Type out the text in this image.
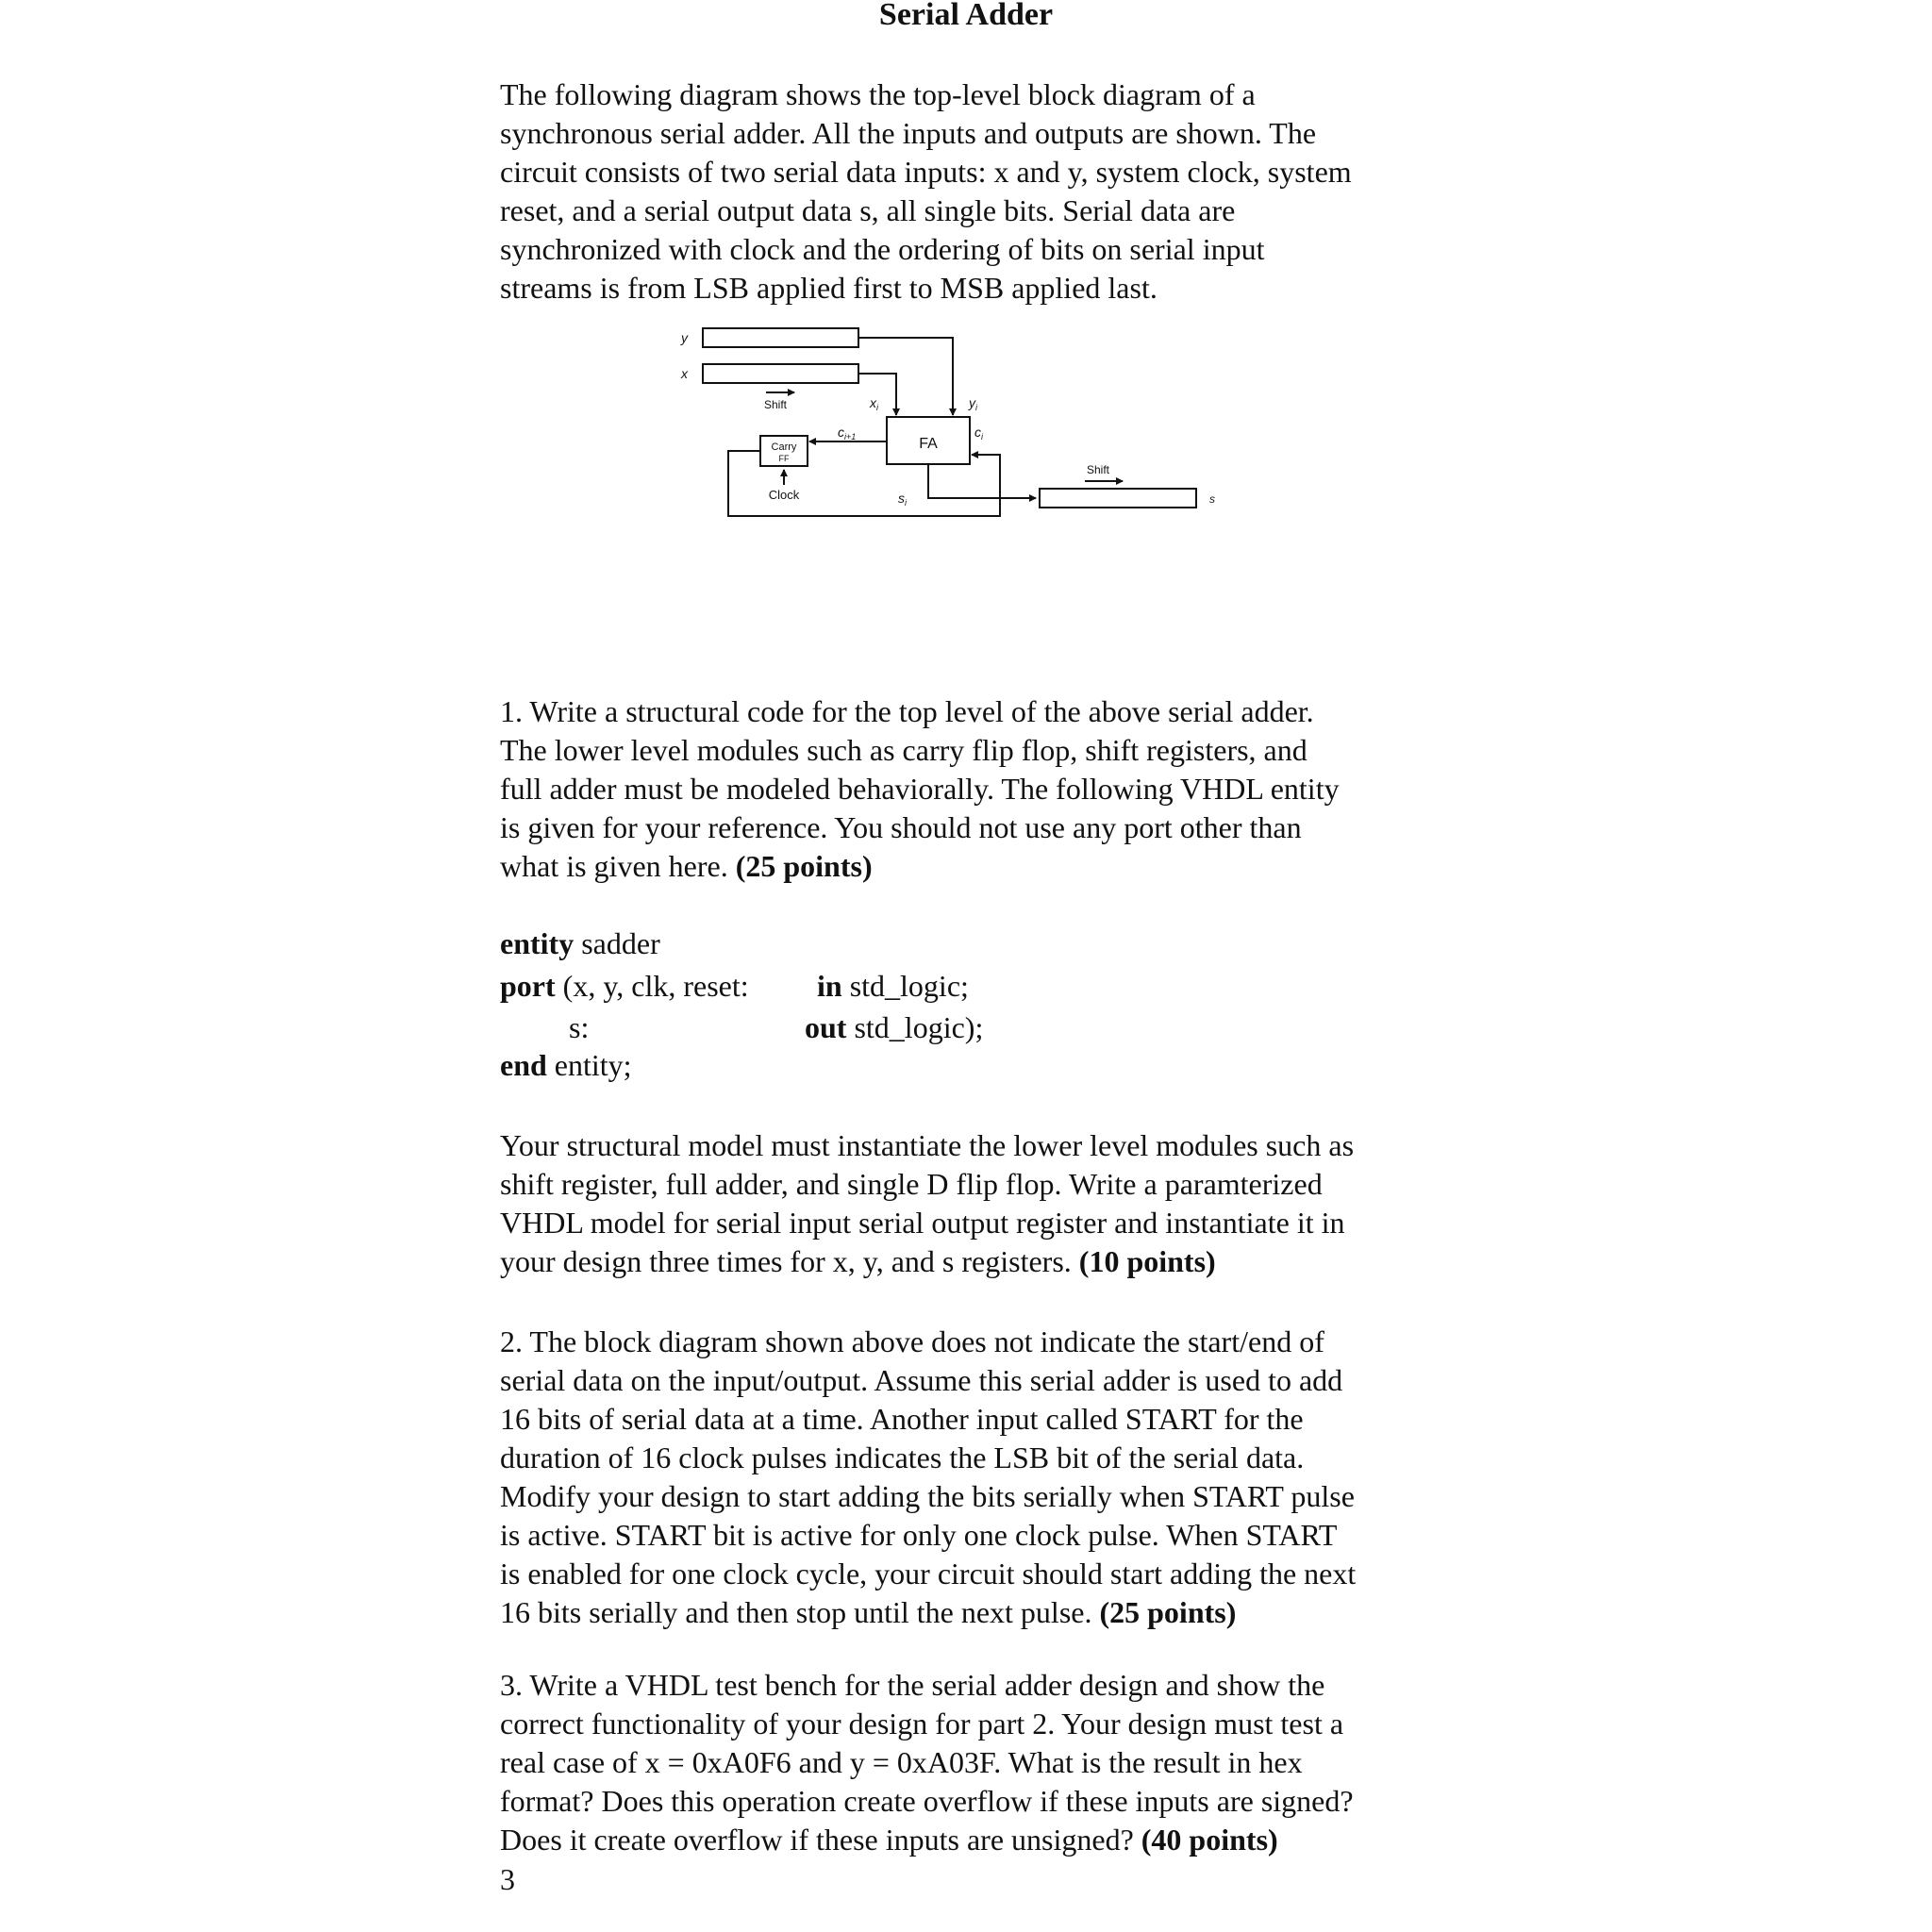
Serial Adder
The following diagram shows the top-level block diagram of a
synchronous serial adder. All the inputs and outputs are shown. The
circuit consists of two serial data inputs: x and y, system clock, system
reset, and a serial output data s, all single bits. Serial data are
synchronized with clock and the ordering of bits on serial input
streams is from LSB applied first to MSB applied last.
y
x
Shift	$x_i$	$y_i$
$c_{i+1}$	$c_i$
Carry
FF
FA
Clock	$s_i$
Shift
s
1. Write a structural code for the top level of the above serial adder.
The lower level modules such as carry flip flop, shift registers, and
full adder must be modeled behaviorally. The following VHDL entity
is given for your reference. You should not use any port other than
what is given here. (25 points)
entity sadder
port (x, y, clk, reset: in std_logic;
s:	out std_logic);
end entity;
Your structural model must instantiate the lower level modules such as
shift register, full adder, and single D flip flop. Write a paramterized
VHDL model for serial input serial output register and instantiate it in
your design three times for x, y, and s registers. (10 points)
2. The block diagram shown above does not indicate the start/end of
serial data on the input/output. Assume this serial adder is used to add
16 bits of serial data at a time. Another input called START for the
duration of 16 clock pulses indicates the LSB bit of the serial data.
Modify your design to start adding the bits serially when START pulse
is active. START bit is active for only one clock pulse. When START
is enabled for one clock cycle, your circuit should start adding the next
16 bits serially and then stop until the next pulse. (25 points)
3. Write a VHDL test bench for the serial adder design and show the
correct functionality of your design for part 2. Your design must test a
real case of x = 0xA0F6 and y = 0xA03F. What is the result in hex
format? Does this operation create overflow if these inputs are signed?
Does it create overflow if these inputs are unsigned? (40 points)
3
